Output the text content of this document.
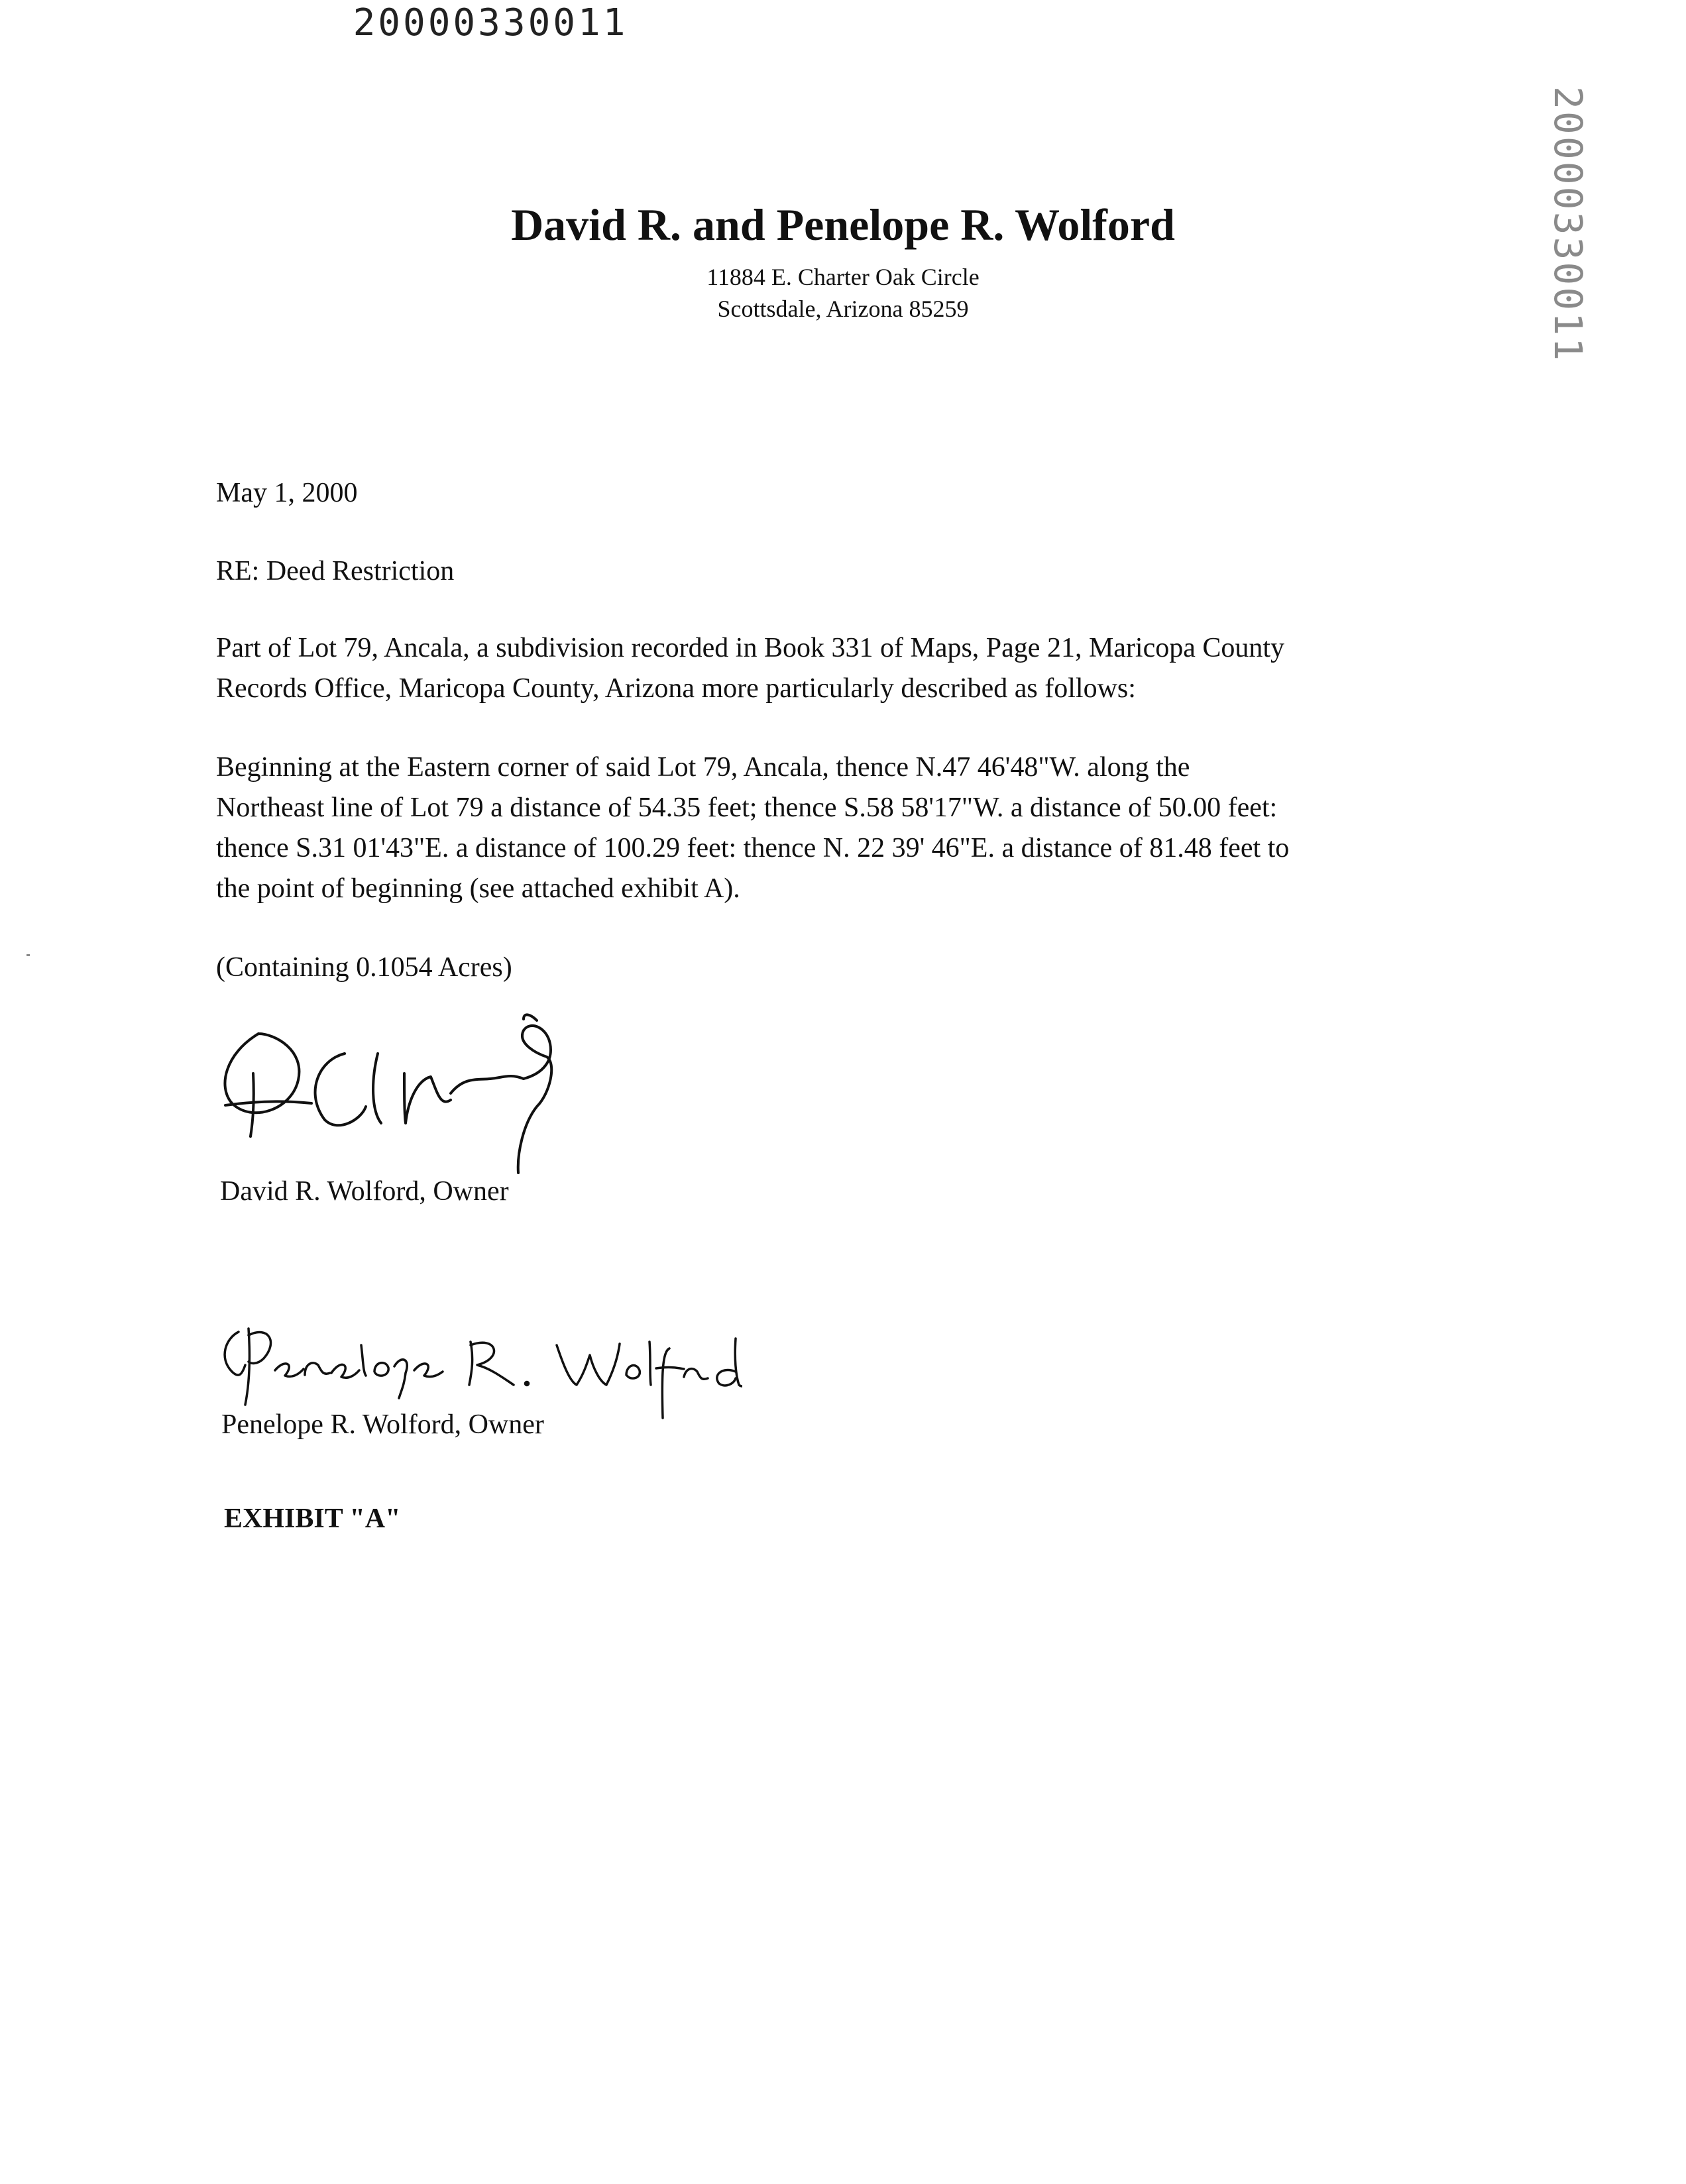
20000330011
20000330011
David R. and Penelope R. Wolford
11884 E. Charter Oak Circle
Scottsdale, Arizona 85259
May 1, 2000
RE: Deed Restriction
Part of Lot 79, Ancala, a subdivision recorded in Book 331 of Maps, Page 21, Maricopa County
Records Office, Maricopa County, Arizona more particularly described as follows:
Beginning at the Eastern corner of said Lot 79, Ancala, thence N.47 46'48"W. along the
Northeast line of Lot 79 a distance of 54.35 feet; thence S.58 58'17"W. a distance of 50.00 feet:
thence S.31 01'43"E. a distance of 100.29 feet: thence N. 22 39' 46"E. a distance of 81.48 feet to
the point of beginning (see attached exhibit A).
(Containing 0.1054 Acres)
David R. Wolford, Owner
Penelope R. Wolford, Owner
EXHIBIT "A"
